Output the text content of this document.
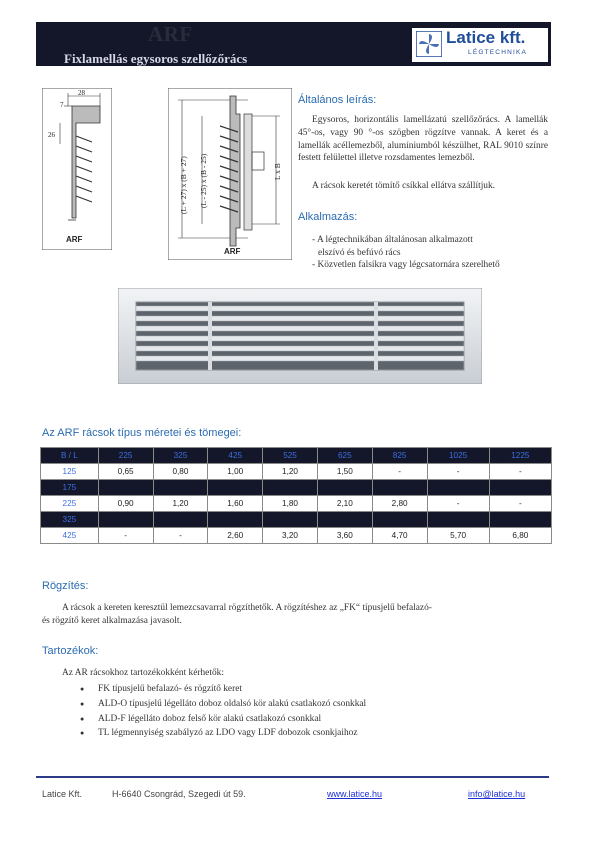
ARF
Fixlamellás egysoros szellőzőrács
Latice kft.
LÉGTECHNIKA
28
7
26
ARF
(L + 27) x (B + 27) (L - 25) x (B - 25)	L x B
ARF
Általános leírás:

Egysoros, horizontális lamellázatú szellőzőrács. A lamellák 45°-os, vagy 90 °-os szögben rögzítve vannak. A keret és a lamellák acéllemezből, alumíniumból készülhet, RAL 9010 színre festett felülettel illetve rozsdamentes lemezből.

A rácsok keretét tömítő csíkkal ellátva szállítjuk.

Alkalmazás:
- A légtechnikában általánosan alkalmazott
elszívó és befúvó rács
- Közvetlen falsíkra vagy légcsatornára szerelhető
Az ARF rácsok típus méretei és tömegei:
B / L	225	325	425	525	625	825	1025	1225
125	0,65	0,80	1,00	1,20	1,50	-	-	-
175								
225	0,90	1,20	1,60	1,80	2,10	2,80	-	-
325								
425	-	-	2,60	3,20	3,60	4,70	5,70	6,80
Rögzítés:

A rácsok a kereten keresztül lemezcsavarral rögzíthetők. A rögzítéshez az „FK“ típusjelű befalazó-

és rögzítő keret alkalmazása javasolt.

Tartozékok:

Az AR rácsokhoz tartozékokként kérhetők:

● FK típusjelű befalazó- és rögzítő keret
● ALD-O típusjelű légelláto doboz oldalsó kör alakú csatlakozó csonkkal
● ALD-F légelláto doboz felső kör alakú csatlakozó csonkkal
● TL légmennyiség szabályzó az LDO vagy LDF dobozok csonkjaihoz
Latice Kft.	H-6640 Csongrád, Szegedi út 59.	www.latice.hu	info@latice.hu
